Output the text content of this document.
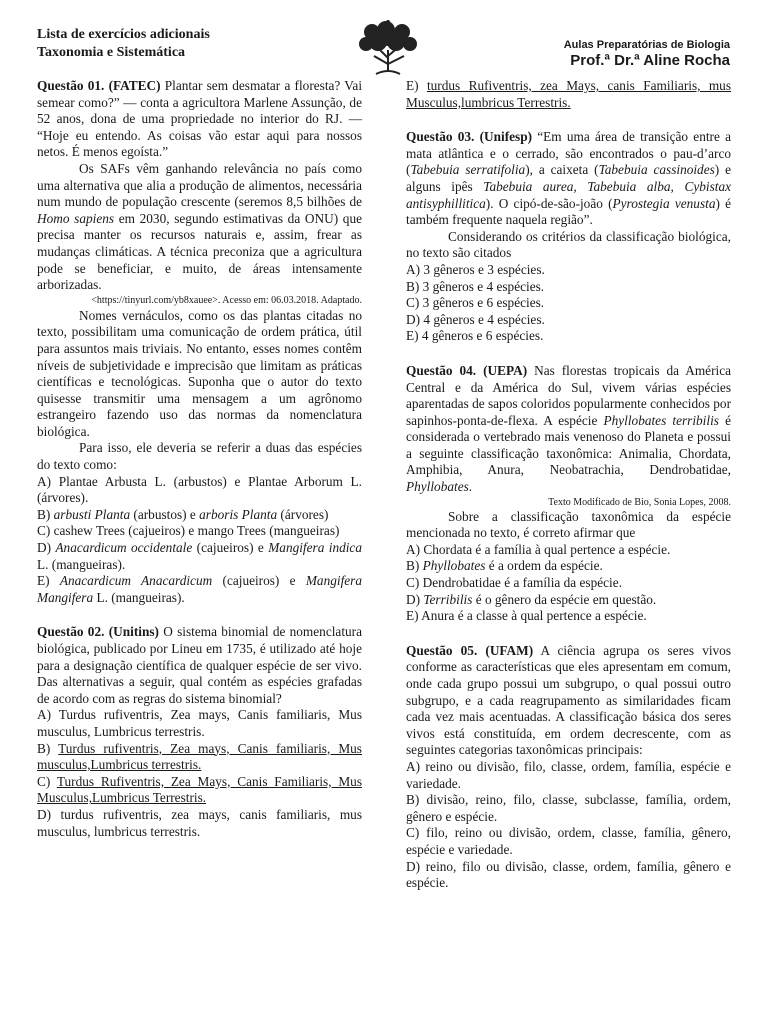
Lista de exercícios adicionais
Taxonomia e Sistemática	Aulas Preparatórias de Biologia
Prof.ª Dr.ª Aline Rocha

Questão 01. (FATEC) Plantar sem desmatar a floresta? Vai semear como?” — conta a agricultora Marlene Assunção, de 52 anos, dona de uma propriedade no interior do RJ. — “Hoje eu entendo. As coisas vão estar aqui para nossos netos. É menos egoísta.”

Os SAFs vêm ganhando relevância no país como uma alternativa que alia a produção de alimentos, necessária num mundo de população crescente (seremos 8,5 bilhões de Homo sapiens em 2030, segundo estimativas da ONU) que precisa manter os recursos naturais e, assim, frear as mudanças climáticas. A técnica preconiza que a agricultura pode se beneficiar, e muito, de áreas intensamente arborizadas.

<https://tinyurl.com/yb8xauee>. Acesso em: 06.03.2018. Adaptado.

Nomes vernáculos, como os das plantas citadas no texto, possibilitam uma comunicação de ordem prática, útil para assuntos mais triviais. No entanto, esses nomes contêm níveis de subjetividade e imprecisão que limitam as práticas científicas e tecnológicas. Suponha que o autor do texto quisesse transmitir uma mensagem a um agrônomo estrangeiro fazendo uso das normas da nomenclatura biológica.

Para isso, ele deveria se referir a duas das espécies do texto como:

A) Plantae Arbusta L. (arbustos) e Plantae Arborum L. (árvores).

B) arbusti Planta (arbustos) e arboris Planta (árvores)

C) cashew Trees (cajueiros) e mango Trees (mangueiras)

D) Anacardicum occidentale (cajueiros) e Mangifera indica L. (mangueiras).

E) Anacardicum Anacardicum (cajueiros) e Mangifera Mangifera L. (mangueiras).

Questão 02. (Unitins) O sistema binomial de nomenclatura biológica, publicado por Lineu em 1735, é utilizado até hoje para a designação científica de qualquer espécie de ser vivo. Das alternativas a seguir, qual contém as espécies grafadas de acordo com as regras do sistema binomial?

A) Turdus rufiventris, Zea mays, Canis familiaris, Mus musculus, Lumbricus terrestris.

B) Turdus rufiventris, Zea mays, Canis familiaris, Mus musculus,Lumbricus terrestris.

C) Turdus Rufiventris, Zea Mays, Canis Familiaris, Mus Musculus,Lumbricus Terrestris.

D) turdus rufiventris, zea mays, canis familiaris, mus musculus, lumbricus terrestris.

E) turdus Rufiventris, zea Mays, canis Familiaris, mus Musculus,lumbricus Terrestris.

Questão 03. (Unifesp) “Em uma área de transição entre a mata atlântica e o cerrado, são encontrados o pau-d’arco (Tabebuia serratifolia), a caixeta (Tabebuia cassinoides) e alguns ipês Tabebuia aurea, Tabebuia alba, Cybistax antisyphillitica). O cipó-de-são-joão (Pyrostegia venusta) é também frequente naquela região”.

Considerando os critérios da classificação biológica, no texto são citados

A) 3 gêneros e 3 espécies.

B) 3 gêneros e 4 espécies.

C) 3 gêneros e 6 espécies.

D) 4 gêneros e 4 espécies.

E) 4 gêneros e 6 espécies.

Questão 04. (UEPA) Nas florestas tropicais da América Central e da América do Sul, vivem várias espécies aparentadas de sapos coloridos popularmente conhecidos por sapinhos-ponta-de-flexa. A espécie Phyllobates terribilis é considerada o vertebrado mais venenoso do Planeta e possui a seguinte classificação taxonômica: Animalia, Chordata, Amphibia, Anura, Neobatrachia, Dendrobatidae, Phyllobates.

Texto Modificado de Bio, Sonia Lopes, 2008.

Sobre a classificação taxonômica da espécie mencionada no texto, é correto afirmar que

A) Chordata é a família à qual pertence a espécie.

B) Phyllobates é a ordem da espécie.

C) Dendrobatidae é a família da espécie.

D) Terribilis é o gênero da espécie em questão.

E) Anura é a classe à qual pertence a espécie.

Questão 05. (UFAM) A ciência agrupa os seres vivos conforme as características que eles apresentam em comum, onde cada grupo possui um subgrupo, o qual possui outro subgrupo, e a cada reagrupamento as similaridades ficam cada vez mais acentuadas. A classificação básica dos seres vivos está constituída, em ordem decrescente, com as seguintes categorias taxonômicas principais:

A) reino ou divisão, filo, classe, ordem, família, espécie e variedade.

B) divisão, reino, filo, classe, subclasse, família, ordem, gênero e espécie.

C) filo, reino ou divisão, ordem, classe, família, gênero, espécie e variedade.

D) reino, filo ou divisão, classe, ordem, família, gênero e espécie.
